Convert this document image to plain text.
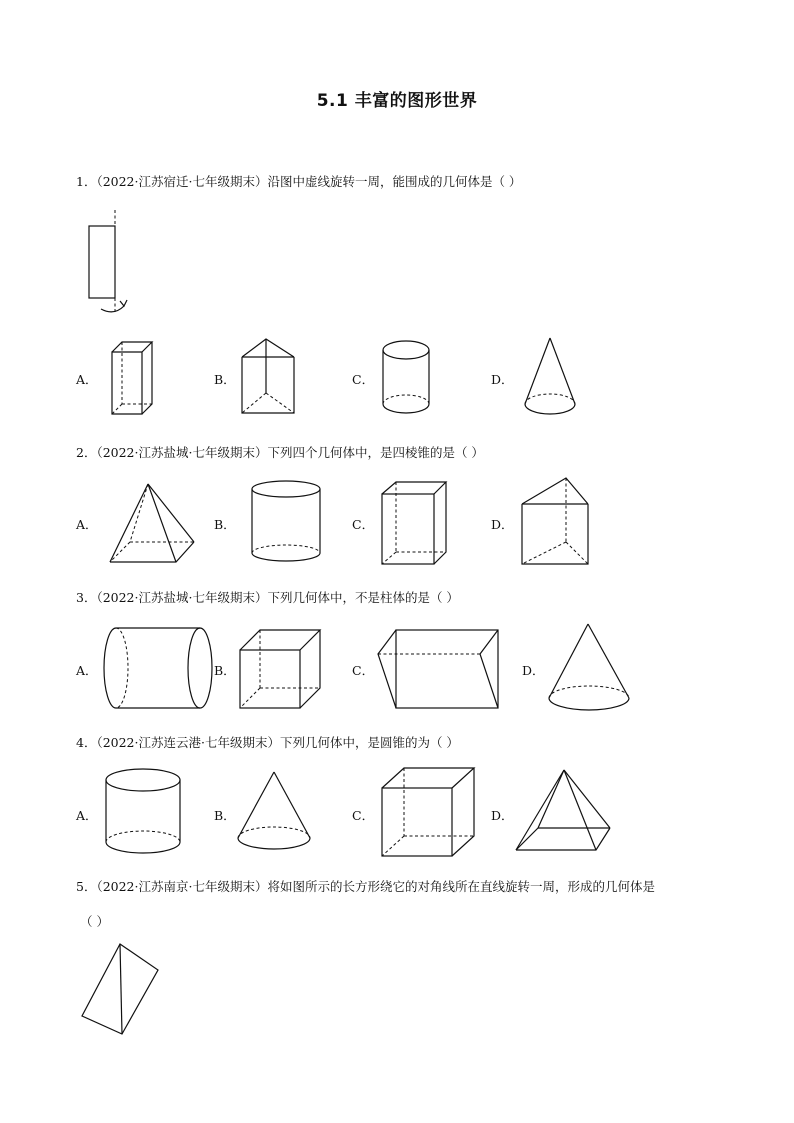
5.1 丰富的图形世界
1．（2022·江苏宿迁·七年级期末）沿图中虚线旋转一周，能围成的几何体是（ ）
A．	B．	C．	D．
2．（2022·江苏盐城·七年级期末）下列四个几何体中，是四棱锥的是（ ）
A．	B．	C．	D．
3．（2022·江苏盐城·七年级期末）下列几何体中，不是柱体的是（ ）
A．	B．	C．	D．
4．（2022·江苏连云港·七年级期末）下列几何体中，是圆锥的为（ ）
A．	B．	C．	D．
5．（2022·江苏南京·七年级期末）将如图所示的长方形绕它的对角线所在直线旋转一周，形成的几何体是
（ ）
